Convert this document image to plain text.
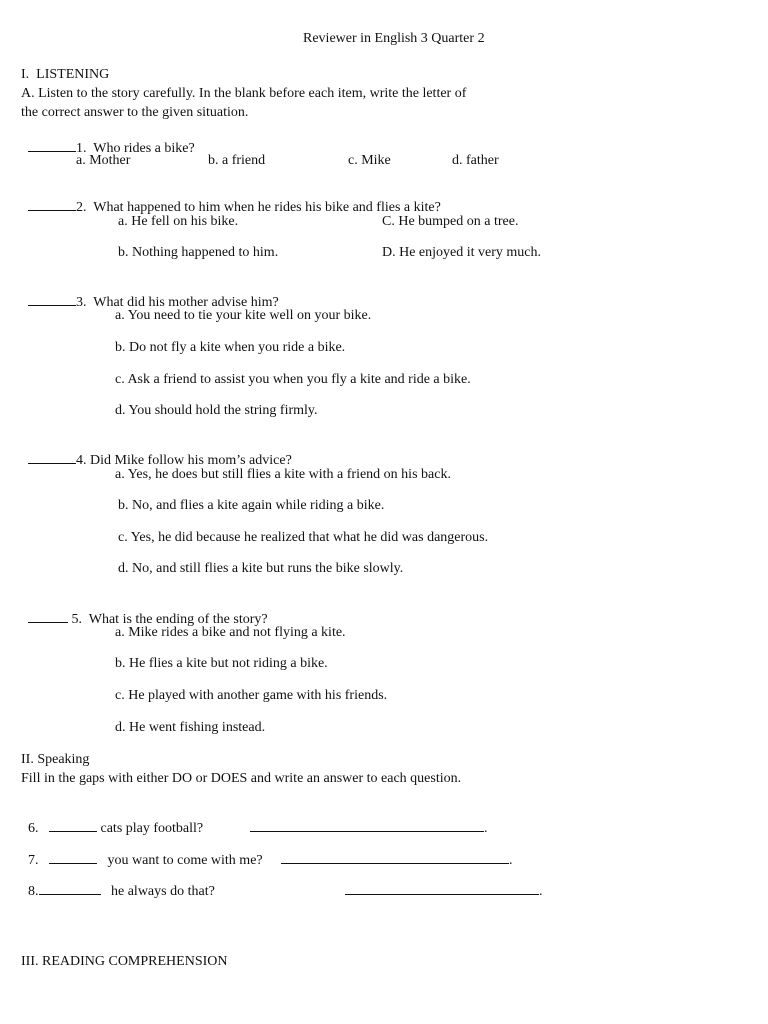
Reviewer in English 3 Quarter 2
I.  LISTENING
A. Listen to the story carefully. In the blank before each item, write the letter of
the correct answer to the given situation.

1. Who rides a bike?

a. Mother	b. a friend	c. Mike	d. father

2. What happened to him when he rides his bike and flies a kite?

a. He fell on his bike.	C. He bumped on a tree.
b. Nothing happened to him.	D. He enjoyed it very much.

3. What did his mother advise him?

a. You need to tie your kite well on your bike.
b. Do not fly a kite when you ride a bike.
c. Ask a friend to assist you when you fly a kite and ride a bike.
d. You should hold the string firmly.

4. Did Mike follow his mom’s advice?

a. Yes, he does but still flies a kite with a friend on his back.
b. No, and flies a kite again while riding a bike.
c. Yes, he did because he realized that what he did was dangerous.
d. No, and still flies a kite but runs the bike slowly.

5. What is the ending of the story?

a. Mike rides a bike and not flying a kite.
b. He flies a kite but not riding a bike.
c. He played with another game with his friends.
d. He went fishing instead.
II. Speaking
Fill in the gaps with either DO or DOES and write an answer to each question.

6.	cats play football?	.

7.	you want to come with me?	.

8.	he always do that?	.

III. READING COMPREHENSION
